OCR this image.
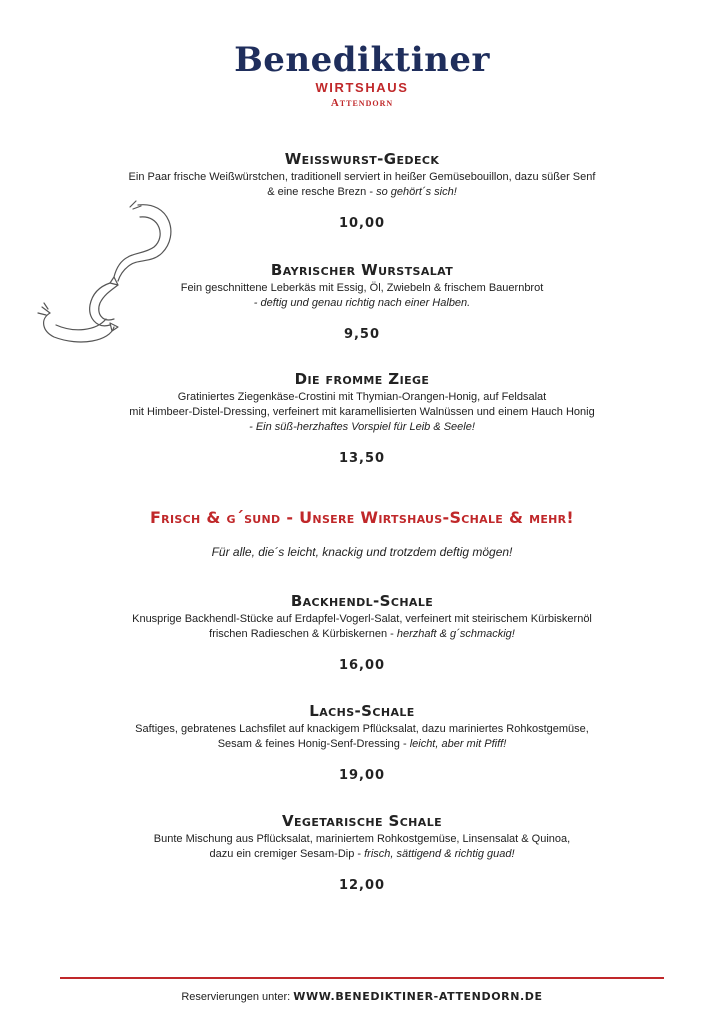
Benediktiner
WIRTSHAUS
Attendorn
Weisswurst-Gedeck
Ein Paar frische Weißwürstchen, traditionell serviert in heißer Gemüsebouillon, dazu süßer Senf
& eine resche Brezn - so gehört´s sich!
10,00
Bayrischer Wurstsalat
Fein geschnittene Leberkäs mit Essig, Öl, Zwiebeln & frischem Bauernbrot
- deftig und genau richtig nach einer Halben.
9,50
Die fromme Ziege
Gratiniertes Ziegenkäse-Crostini mit Thymian-Orangen-Honig, auf Feldsalat
mit Himbeer-Distel-Dressing, verfeinert mit karamellisierten Walnüssen und einem Hauch Honig
- Ein süß-herzhaftes Vorspiel für Leib & Seele!
13,50
Frisch & g´sund - Unsere Wirtshaus-Schale & mehr!
Für alle, die´s leicht, knackig und trotzdem deftig mögen!
Backhendl-Schale
Knusprige Backhendl-Stücke auf Erdapfel-Vogerl-Salat, verfeinert mit steirischem Kürbiskernöl
frischen Radieschen & Kürbiskernen - herzhaft & g´schmackig!
16,00
Lachs-Schale
Saftiges, gebratenes Lachsfilet auf knackigem Pflücksalat, dazu mariniertes Rohkostgemüse,
Sesam & feines Honig-Senf-Dressing - leicht, aber mit Pfiff!
19,00
Vegetarische Schale
Bunte Mischung aus Pflücksalat, mariniertem Rohkostgemüse, Linsensalat & Quinoa,
dazu ein cremiger Sesam-Dip - frisch, sättigend & richtig guad!
12,00
Reservierungen unter: WWW.BENEDIKTINER-ATTENDORN.DE
